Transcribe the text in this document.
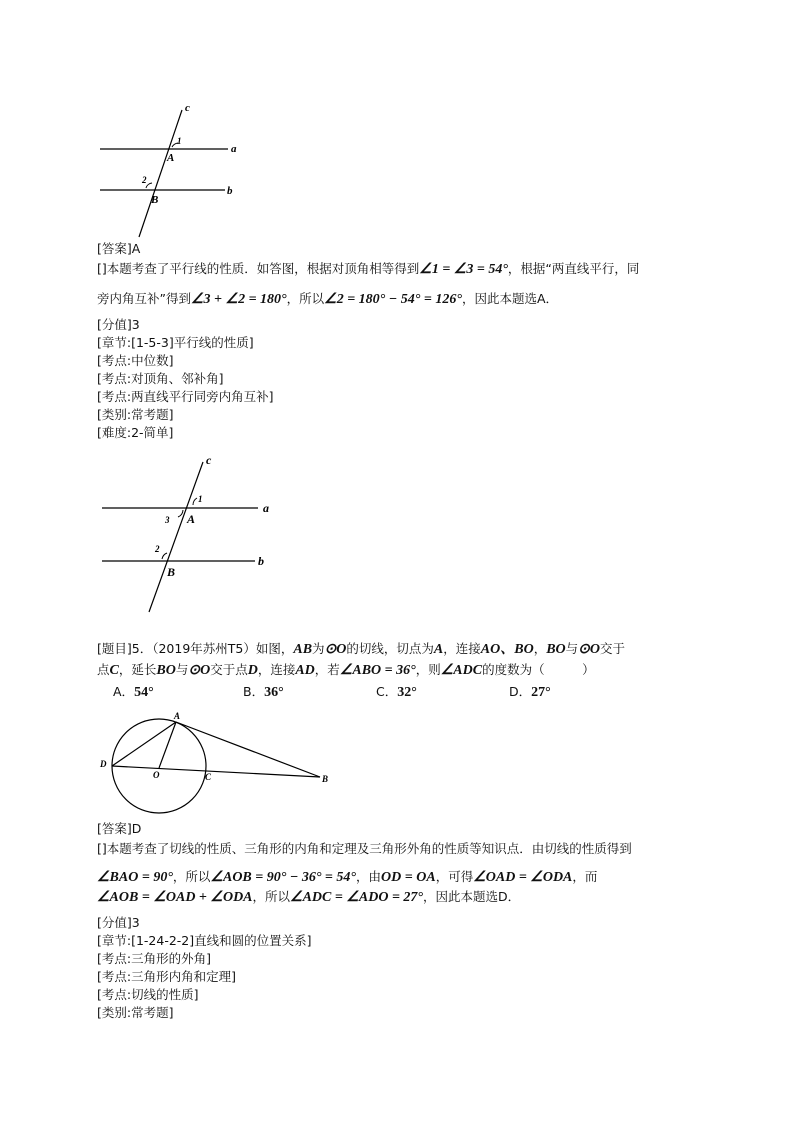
c
1
A
a
2
B
b
[答案]A
[]本题考查了平行线的性质．如答图，根据对顶角相等得到∠1 = ∠3 = 54°，根据“两直线平行，同
旁内角互补”得到∠3 + ∠2 = 180°，所以∠2 = 180° − 54° = 126°，因此本题选A．
[分值]3
[章节:[1-5-3]平行线的性质]
[考点:中位数]
[考点:对顶角、邻补角]
[考点:两直线平行同旁内角互补]
[类别:常考题]
[难度:2-简单]
c
1
3 A
a
2
B
b
[题目]5．（2019年苏州T5）如图，AB为⊙O的切线，切点为A，连接AO、BO，BO与⊙O交于
点C，延长BO与⊙O交于点D，连接AD，若∠ABO = 36°，则∠ADC的度数为（　　　）
A．54°	B．36°	C．32°	D．27°
A
D
O	C	B
[答案]D
[]本题考查了切线的性质、三角形的内角和定理及三角形外角的性质等知识点．由切线的性质得到
∠BAO = 90°，所以∠AOB = 90° − 36° = 54°，由OD = OA，可得∠OAD = ∠ODA，而
∠AOB = ∠OAD + ∠ODA，所以∠ADC = ∠ADO = 27°，因此本题选D．
[分值]3
[章节:[1-24-2-2]直线和圆的位置关系]
[考点:三角形的外角]
[考点:三角形内角和定理]
[考点:切线的性质]
[类别:常考题]
